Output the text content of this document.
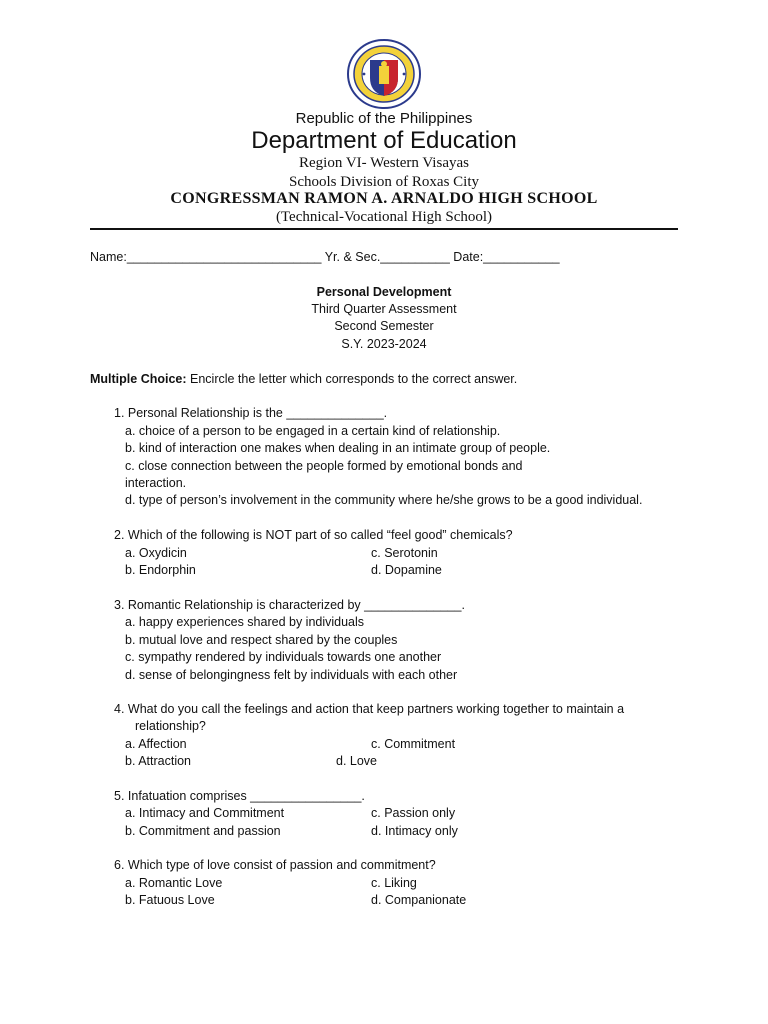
Republic of the Philippines
Department of Education
Region VI- Western Visayas
Schools Division of Roxas City
CONGRESSMAN RAMON A. ARNALDO HIGH SCHOOL
(Technical-Vocational High School)
Name:____________________________ Yr. & Sec.__________ Date:___________
Personal Development
Third Quarter Assessment
Second Semester
S.Y. 2023-2024
Multiple Choice: Encircle the letter which corresponds to the correct answer.
1. Personal Relationship is the ______________.
a. choice of a person to be engaged in a certain kind of relationship.
b. kind of interaction one makes when dealing in an intimate group of people.
c. close connection between the people formed by emotional bonds and
interaction.
d. type of person’s involvement in the community where he/she grows to be a good individual.
2. Which of the following is NOT part of so called “feel good” chemicals?
a. Oxydicin	c. Serotonin
b. Endorphin	d. Dopamine
3. Romantic Relationship is characterized by ______________.
a. happy experiences shared by individuals
b. mutual love and respect shared by the couples
c. sympathy rendered by individuals towards one another
d. sense of belongingness felt by individuals with each other
4. What do you call the feelings and action that keep partners working together to maintain a
relationship?
a. Affection	c. Commitment
b. Attraction	d. Love
5. Infatuation comprises ________________.
a. Intimacy and Commitment	c. Passion only
b. Commitment and passion	d. Intimacy only
6. Which type of love consist of passion and commitment?
a. Romantic Love	c. Liking
b. Fatuous Love	d. Companionate
